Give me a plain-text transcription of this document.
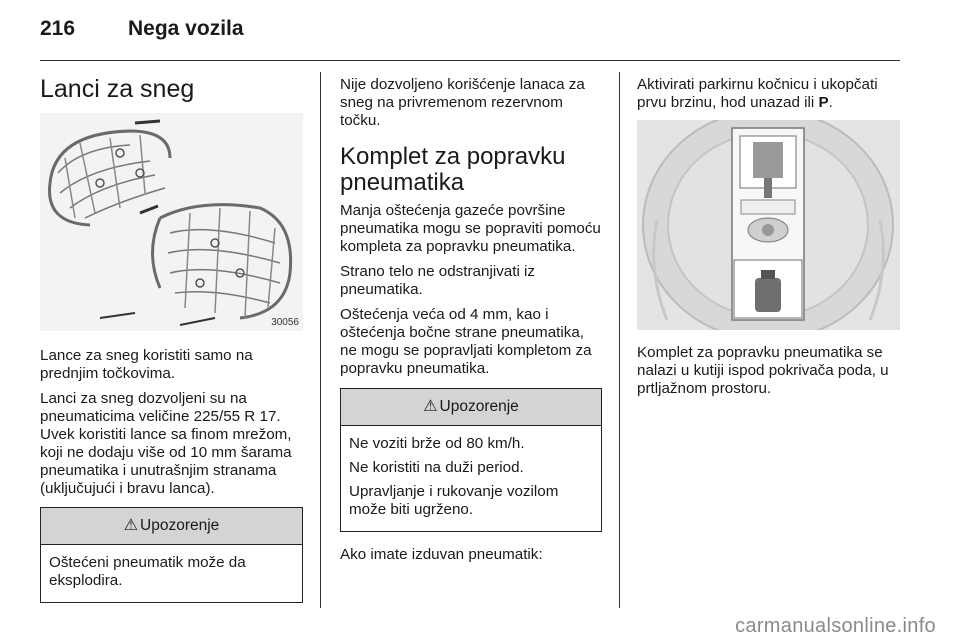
216	Nega vozila
Lanci za sneg
30056

Lance za sneg koristiti samo na prednjim točkovima.

Lanci za sneg dozvoljeni su na pneumaticima veličine 225/55 R 17. Uvek koristiti lance sa finom mrežom, koji ne dodaju više od 10 mm šarama pneumatika i unutrašnjim stranama (uključujući i bravu lanca).

⚠ Upozorenje

Oštećeni pneumatik može da eksplodira.

Nije dozvoljeno korišćenje lanaca za sneg na privremenom rezervnom točku.

Komplet za popravku pneumatika

Manja oštećenja gazeće površine pneumatika mogu se popraviti pomoću kompleta za popravku pneumatika.

Strano telo ne odstranjivati iz pneumatika.

Oštećenja veća od 4 mm, kao i oštećenja bočne strane pneumatika, ne mogu se popravljati kompletom za popravku pneumatika.

⚠ Upozorenje

Ne voziti brže od 80 km/h.

Ne koristiti na duži period.

Upravljanje i rukovanje vozilom može biti ugrženo.

Ako imate izduvan pneumatik:

Aktivirati parkirnu kočnicu i ukopčati prvu brzinu, hod unazad ili P.

Komplet za popravku pneumatika se nalazi u kutiji ispod pokrivača poda, u prtljažnom prostoru.

carmanualsonline.info
